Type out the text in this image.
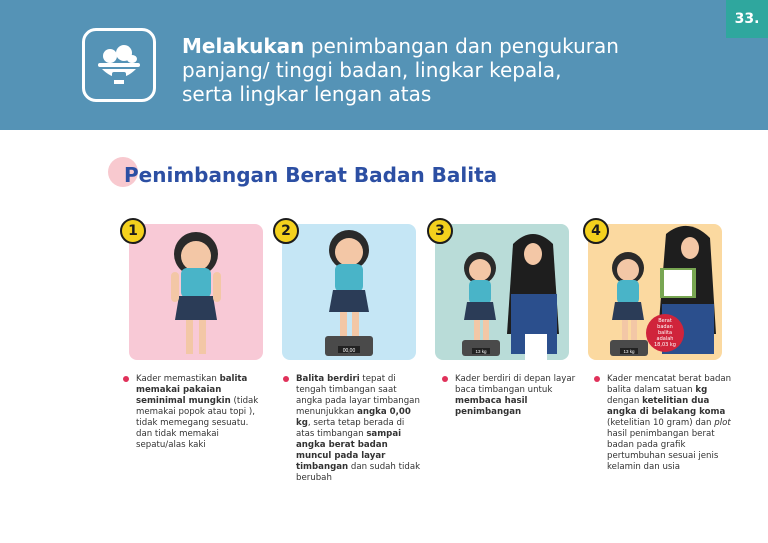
Melakukan penimbangan dan pengukuran
panjang/ tinggi badan, lingkar kepala,
serta lingkar lengan atas
33.
Penimbangan Berat Badan Balita
1
Kader memastikan balita memakai pakaian seminimal mungkin (tidak memakai popok atau topi ), tidak memegang sesuatu. dan tidak memakai sepatu/alas kaki
00,00
2
Balita berdiri tepat di tengah timbangan saat angka pada layar timbangan menunjukkan angka 0,00 kg, serta tetap berada di atas timbangan sampai angka berat badan muncul pada layar timbangan dan sudah tidak berubah
13 kg
3
Kader berdiri di depan layar baca timbangan untuk membaca hasil penimbangan
13 kg
4
Berat badan balita adalah 18,03 kg
Kader mencatat berat badan balita dalam satuan kg dengan ketelitian dua angka di belakang koma (ketelitian 10 gram) dan plot hasil penimbangan berat badan pada grafik pertumbuhan sesuai jenis kelamin dan usia
